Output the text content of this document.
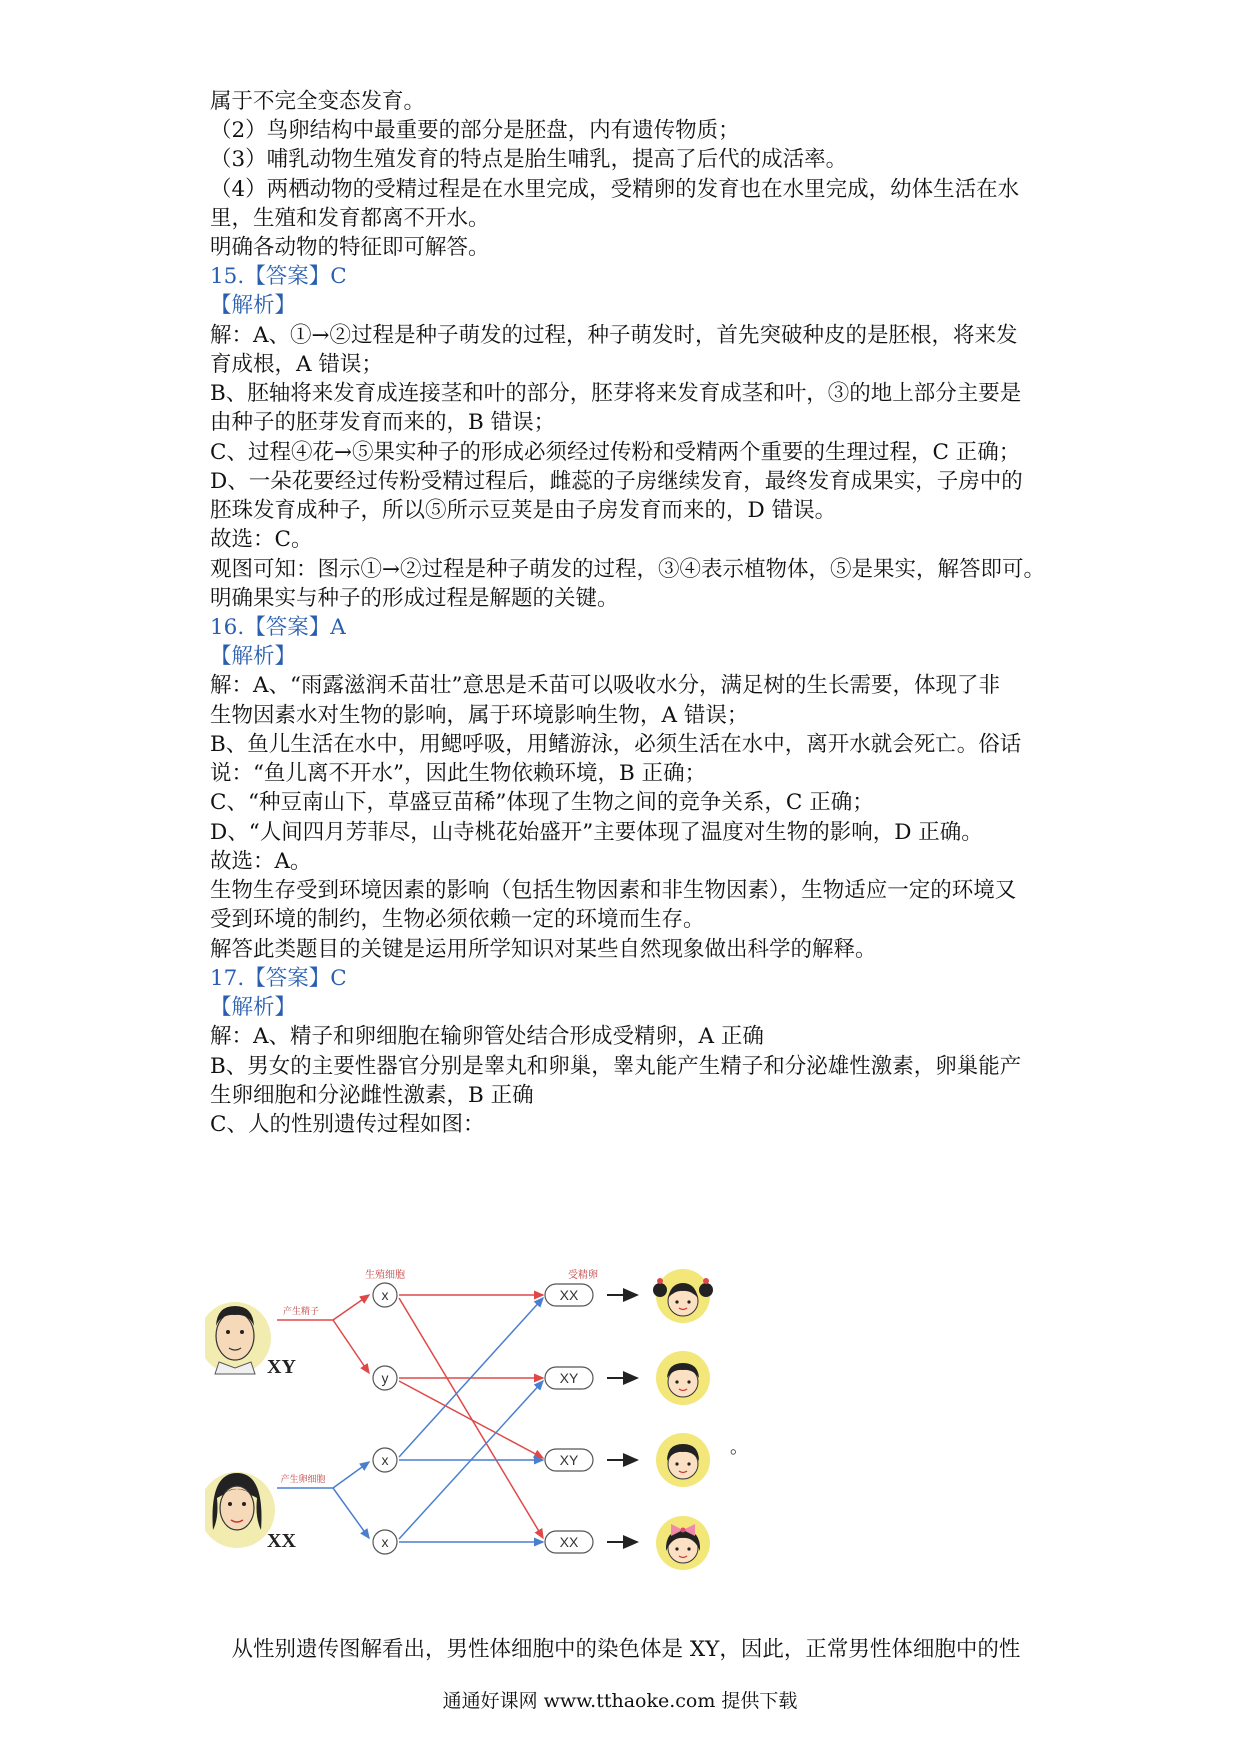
属于不完全变态发育。
（2）鸟卵结构中最重要的部分是胚盘，内有遗传物质；
（3）哺乳动物生殖发育的特点是胎生哺乳，提高了后代的成活率。
（4）两栖动物的受精过程是在水里完成，受精卵的发育也在水里完成，幼体生活在水
里，生殖和发育都离不开水。
明确各动物的特征即可解答。
15.【答案】C
【解析】
解：A、①→②过程是种子萌发的过程，种子萌发时，首先突破种皮的是胚根，将来发
育成根，A 错误；
B、胚轴将来发育成连接茎和叶的部分，胚芽将来发育成茎和叶，③的地上部分主要是
由种子的胚芽发育而来的，B 错误；
C、过程④花→⑤果实种子的形成必须经过传粉和受精两个重要的生理过程，C 正确；
D、一朵花要经过传粉受精过程后，雌蕊的子房继续发育，最终发育成果实，子房中的
胚珠发育成种子，所以⑤所示豆荚是由子房发育而来的，D 错误。
故选：C。
观图可知：图示①→②过程是种子萌发的过程，③④表示植物体，⑤是果实，解答即可。
明确果实与种子的形成过程是解题的关键。
16.【答案】A
【解析】
解：A、“雨露滋润禾苗壮”意思是禾苗可以吸收水分，满足树的生长需要，体现了非
生物因素水对生物的影响，属于环境影响生物，A 错误；
B、鱼儿生活在水中，用鳃呼吸，用鳍游泳，必须生活在水中，离开水就会死亡。俗话
说：“鱼儿离不开水”，因此生物依赖环境，B 正确；
C、“种豆南山下，草盛豆苗稀”体现了生物之间的竞争关系，C 正确；
D、“人间四月芳菲尽，山寺桃花始盛开”主要体现了温度对生物的影响，D 正确。
故选：A。
生物生存受到环境因素的影响（包括生物因素和非生物因素），生物适应一定的环境又
受到环境的制约，生物必须依赖一定的环境而生存。
解答此类题目的关键是运用所学知识对某些自然现象做出科学的解释。
17.【答案】C
【解析】
解：A、精子和卵细胞在输卵管处结合形成受精卵，A 正确
B、男女的主要性器官分别是睾丸和卵巢，睾丸能产生精子和分泌雄性激素，卵巢能产
生卵细胞和分泌雌性激素，B 正确
C、人的性别遗传过程如图：
生殖细胞	受精卵
XY
XX
产生精子
产生卵细胞
x
y
x
x
XX
XY
XY
XX
。
　从性别遗传图解看出，男性体细胞中的染色体是 XY，因此，正常男性体细胞中的性
通通好课网 www.tthaoke.com 提供下载
